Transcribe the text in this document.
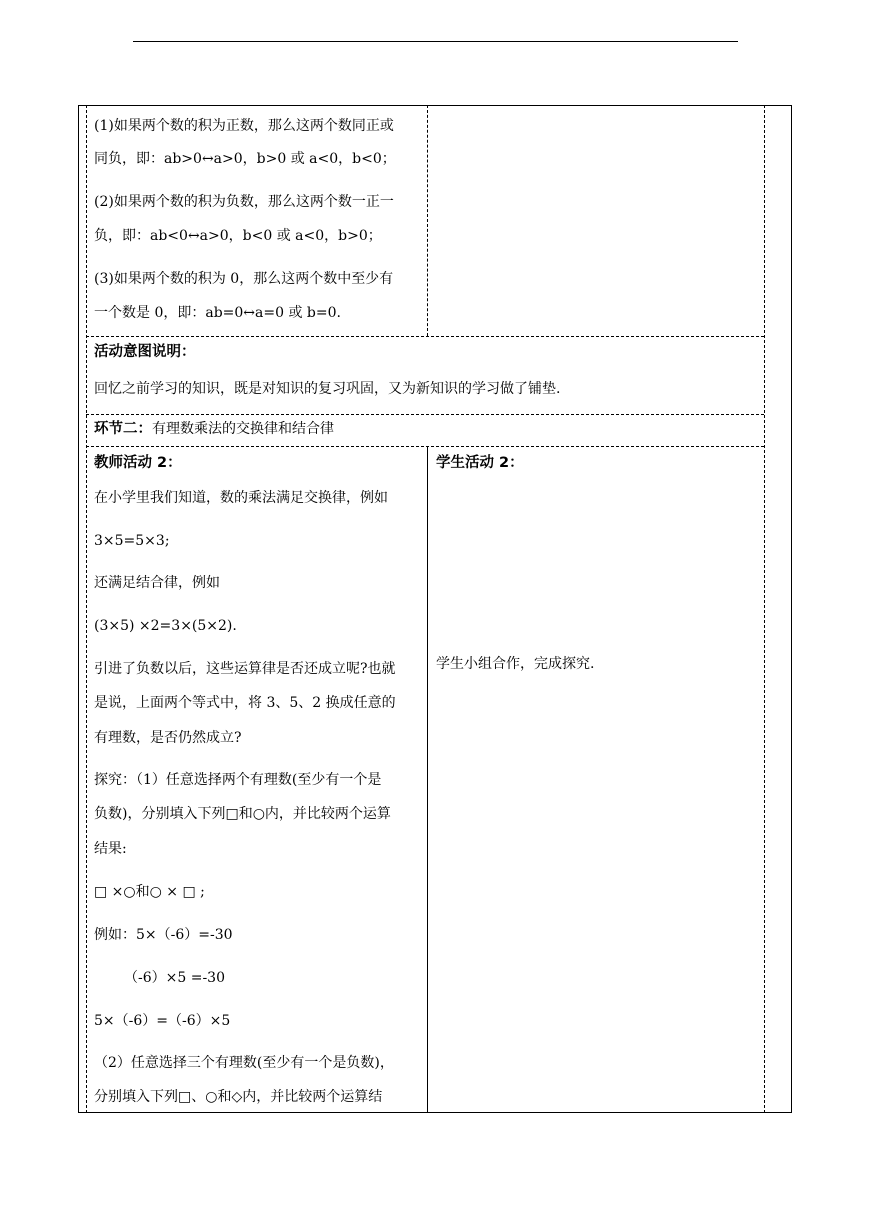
(1)如果两个数的积为正数，那么这两个数同正或
同负，即：ab>0↔a>0，b>0 或 a<0，b<0；
(2)如果两个数的积为负数，那么这两个数一正一
负，即：ab<0↔a>0，b<0 或 a<0，b>0；
(3)如果两个数的积为 0，那么这两个数中至少有
一个数是 0，即：ab=0↔a=0 或 b=0.
活动意图说明：
回忆之前学习的知识，既是对知识的复习巩固，又为新知识的学习做了铺垫.
环节二：有理数乘法的交换律和结合律
教师活动 2：
在小学里我们知道，数的乘法满足交换律，例如
3×5=5×3;
还满足结合律，例如
(3×5) ×2=3×(5×2).
引进了负数以后，这些运算律是否还成立呢?也就
是说，上面两个等式中，将 3、5、2 换成任意的
有理数，是否仍然成立?
探究：（1）任意选择两个有理数(至少有一个是
负数)，分别填入下列□和○内，并比较两个运算
结果:
□ ×○和○ × □ ;
例如：5×（-6）=-30
（-6）×5 =-30
5×（-6）=（-6）×5
（2）任意选择三个有理数(至少有一个是负数)，
分别填入下列□、○和◇内，并比较两个运算结
学生活动 2：
学生小组合作，完成探究.
